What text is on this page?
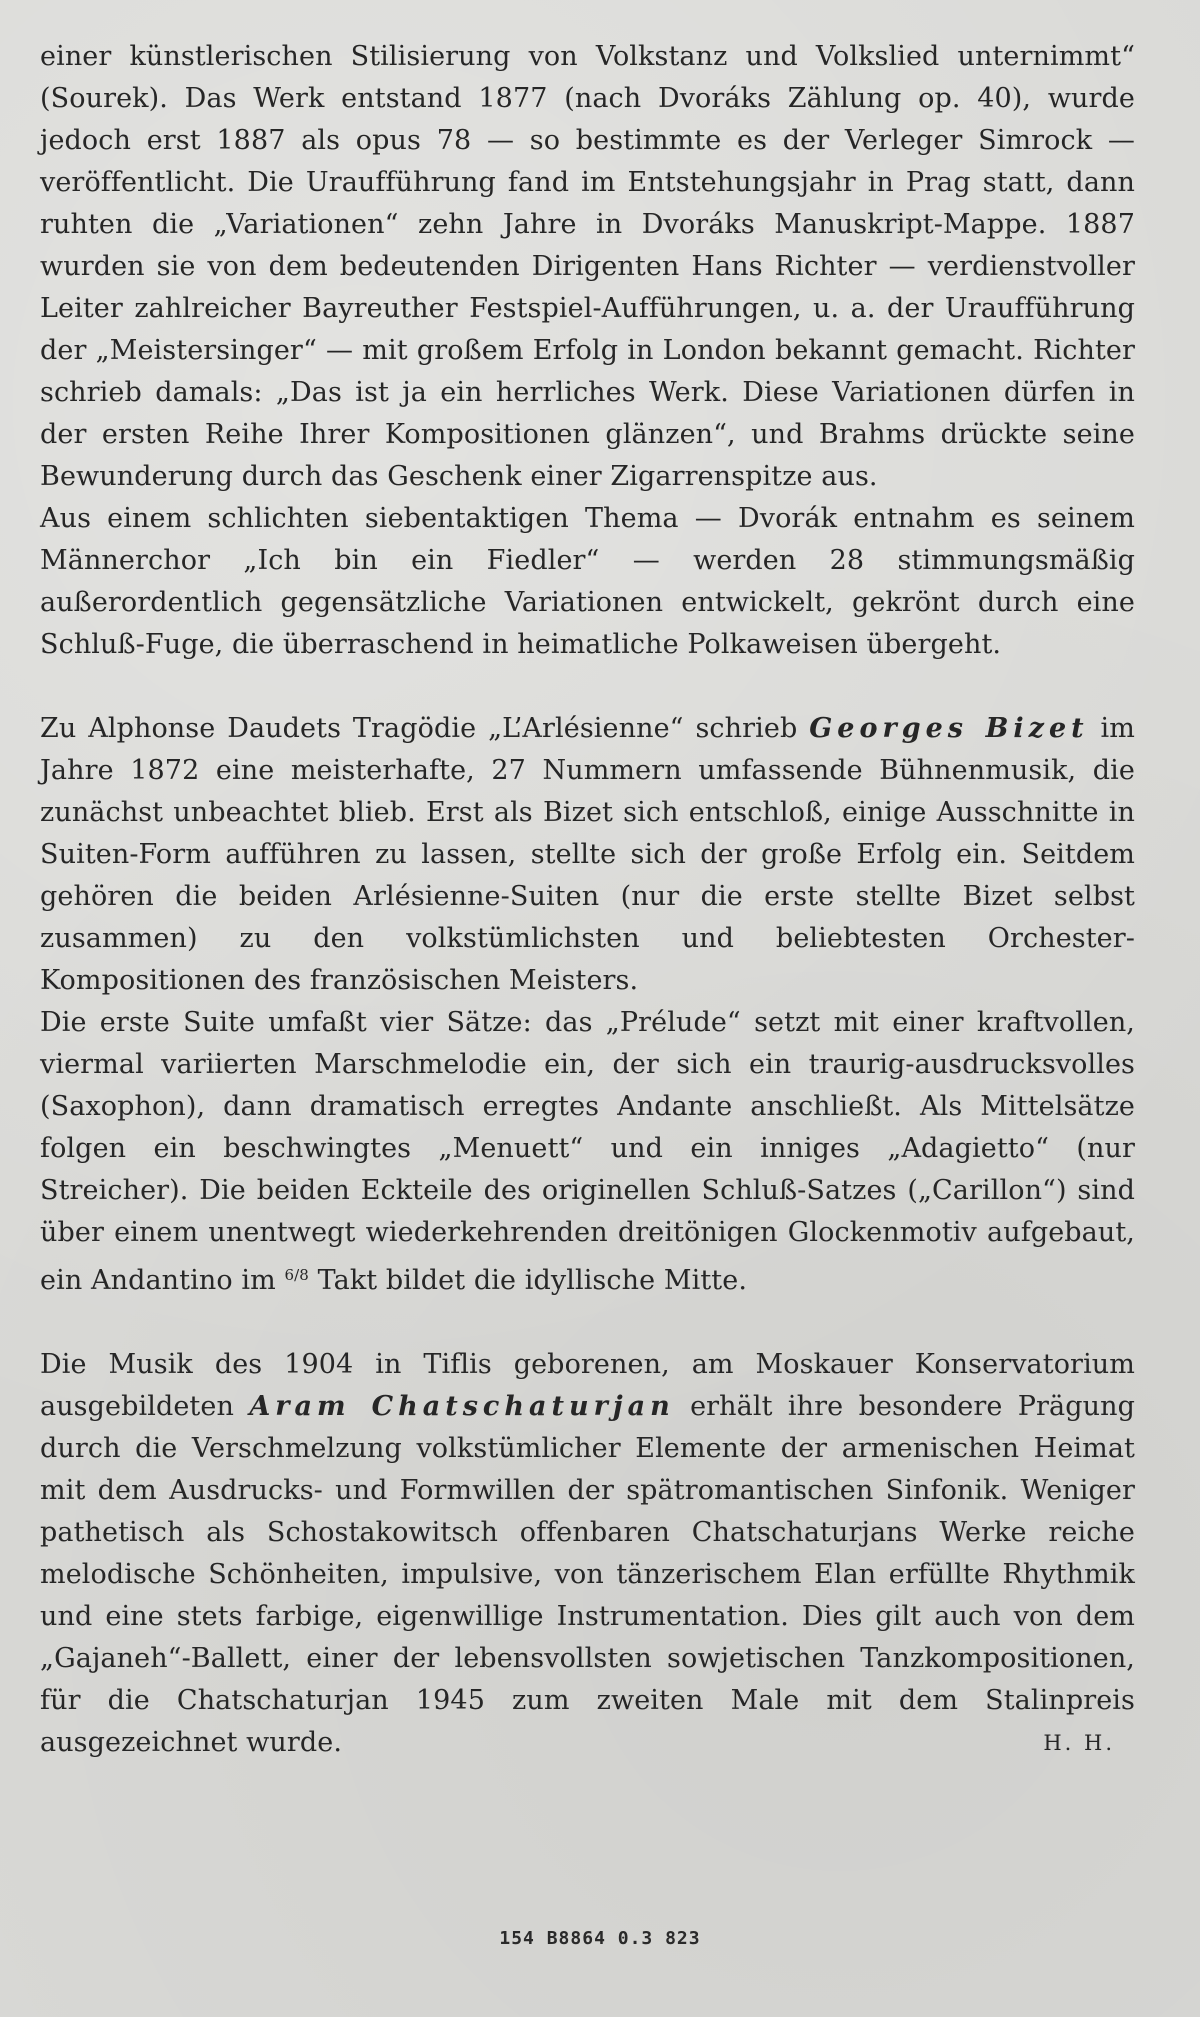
einer künstlerischen Stilisierung von Volkstanz und Volkslied unternimmt“ (Sourek). Das Werk entstand 1877 (nach Dvoráks Zählung op. 40), wurde jedoch erst 1887 als opus 78 — so bestimmte es der Verleger Simrock — veröffentlicht. Die Uraufführung fand im Entstehungsjahr in Prag statt, dann ruhten die „Variationen“ zehn Jahre in Dvoráks Manuskript-Mappe. 1887 wurden sie von dem bedeutenden Dirigenten Hans Richter — verdienstvoller Leiter zahlreicher Bayreuther Festspiel-Aufführungen, u. a. der Uraufführung der „Meistersinger“ — mit großem Erfolg in London bekannt gemacht. Richter schrieb damals: „Das ist ja ein herrliches Werk. Diese Variationen dürfen in der ersten Reihe Ihrer Kompositionen glänzen“, und Brahms drückte seine Bewunderung durch das Geschenk einer Zigarrenspitze aus.

Aus einem schlichten siebentaktigen Thema — Dvorák entnahm es seinem Männerchor „Ich bin ein Fiedler“ — werden 28 stimmungsmäßig außerordentlich gegensätzliche Variationen entwickelt, gekrönt durch eine Schluß-Fuge, die überraschend in heimatliche Polkaweisen übergeht.

Zu Alphonse Daudets Tragödie „L’Arlésienne“ schrieb Georges Bizet im Jahre 1872 eine meisterhafte, 27 Nummern umfassende Bühnenmusik, die zunächst unbeachtet blieb. Erst als Bizet sich entschloß, einige Ausschnitte in Suiten-Form aufführen zu lassen, stellte sich der große Erfolg ein. Seitdem gehören die beiden Arlésienne-Suiten (nur die erste stellte Bizet selbst zusammen) zu den volkstümlichsten und beliebtesten Orchester-Kompositionen des französischen Meisters.

Die erste Suite umfaßt vier Sätze: das „Prélude“ setzt mit einer kraftvollen, viermal variierten Marschmelodie ein, der sich ein traurig-ausdrucksvolles (Saxophon), dann dramatisch erregtes Andante anschließt. Als Mittelsätze folgen ein beschwingtes „Menuett“ und ein inniges „Adagietto“ (nur Streicher). Die beiden Eckteile des originellen Schluß-Satzes („Carillon“) sind über einem unentwegt wiederkehrenden dreitönigen Glockenmotiv aufgebaut, ein Andantino im $^{6/8}$ Takt bildet die idyllische Mitte.

Die Musik des 1904 in Tiflis geborenen, am Moskauer Konservatorium ausgebildeten Aram Chatschaturjan erhält ihre besondere Prägung durch die Verschmelzung volkstümlicher Elemente der armenischen Heimat mit dem Ausdrucks- und Formwillen der spätromantischen Sinfonik. Weniger pathetisch als Schostakowitsch offenbaren Chatschaturjans Werke reiche melodische Schönheiten, impulsive, von tänzerischem Elan erfüllte Rhythmik und eine stets farbige, eigenwillige Instrumentation. Dies gilt auch von dem „Gajaneh“-Ballett, einer der lebensvollsten sowjetischen Tanzkompositionen, für die Chatschaturjan 1945 zum zweiten Male mit dem Stalinpreis ausgezeichnet wurde.	H. H.

154 B8864 0.3 823
